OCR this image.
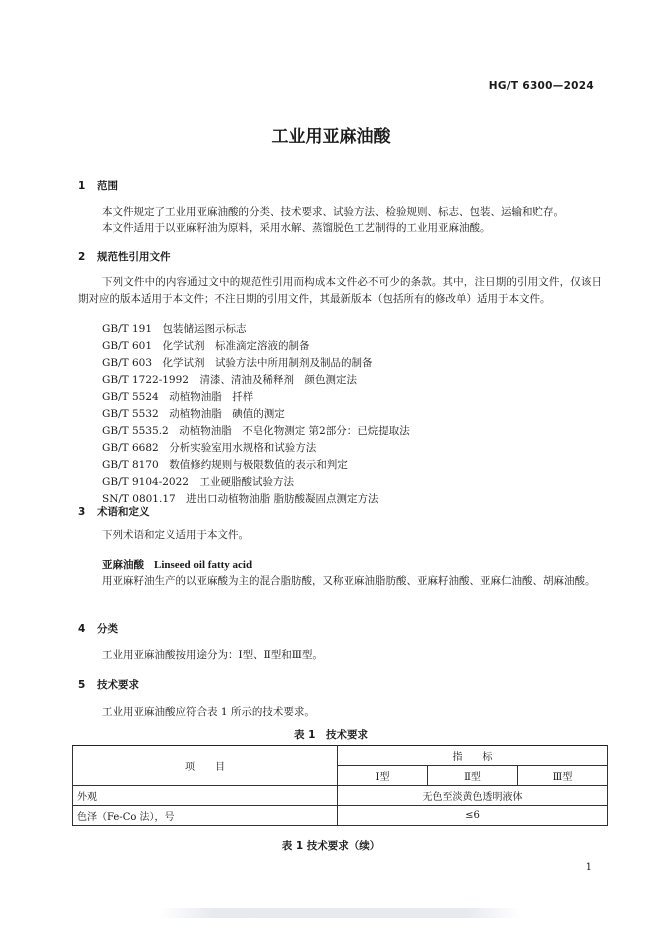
HG/T 6300—2024
工业用亚麻油酸
1 范围
本文件规定了工业用亚麻油酸的分类、技术要求、试验方法、检验规则、标志、包装、运输和贮存。
本文件适用于以亚麻籽油为原料，采用水解、蒸馏脱色工艺制得的工业用亚麻油酸。
2 规范性引用文件
下列文件中的内容通过文中的规范性引用而构成本文件必不可少的条款。其中，注日期的引用文件，仅该日期对应的版本适用于本文件；不注日期的引用文件，其最新版本（包括所有的修改单）适用于本文件。
GB/T 191　包装储运图示标志
GB/T 601　化学试剂　标准滴定溶液的制备
GB/T 603　化学试剂　试验方法中所用制剂及制品的制备
GB/T 1722-1992　清漆、清油及稀释剂　颜色测定法
GB/T 5524　动植物油脂　扦样
GB/T 5532　动植物油脂　碘值的测定
GB/T 5535.2　动植物油脂　不皂化物测定 第2部分：已烷提取法
GB/T 6682　分析实验室用水规格和试验方法
GB/T 8170　数值修约规则与极限数值的表示和判定
GB/T 9104-2022　工业硬脂酸试验方法
SN/T 0801.17　进出口动植物油脂 脂肪酸凝固点测定方法
3 术语和定义
下列术语和定义适用于本文件。
亚麻油酸 Linseed oil fatty acid
用亚麻籽油生产的以亚麻酸为主的混合脂肪酸，又称亚麻油脂肪酸、亚麻籽油酸、亚麻仁油酸、胡麻油酸。
4 分类
工业用亚麻油酸按用途分为：Ⅰ型、Ⅱ型和Ⅲ型。
5 技术要求
工业用亚麻油酸应符合表 1 所示的技术要求。
表 1　技术要求
项　　目	指　　标		
	Ⅰ型	Ⅱ型	Ⅲ型
外观	无色至淡黄色透明液体		
色泽（Fe-Co 法），号	≤6		
表 1 技术要求（续）
1
